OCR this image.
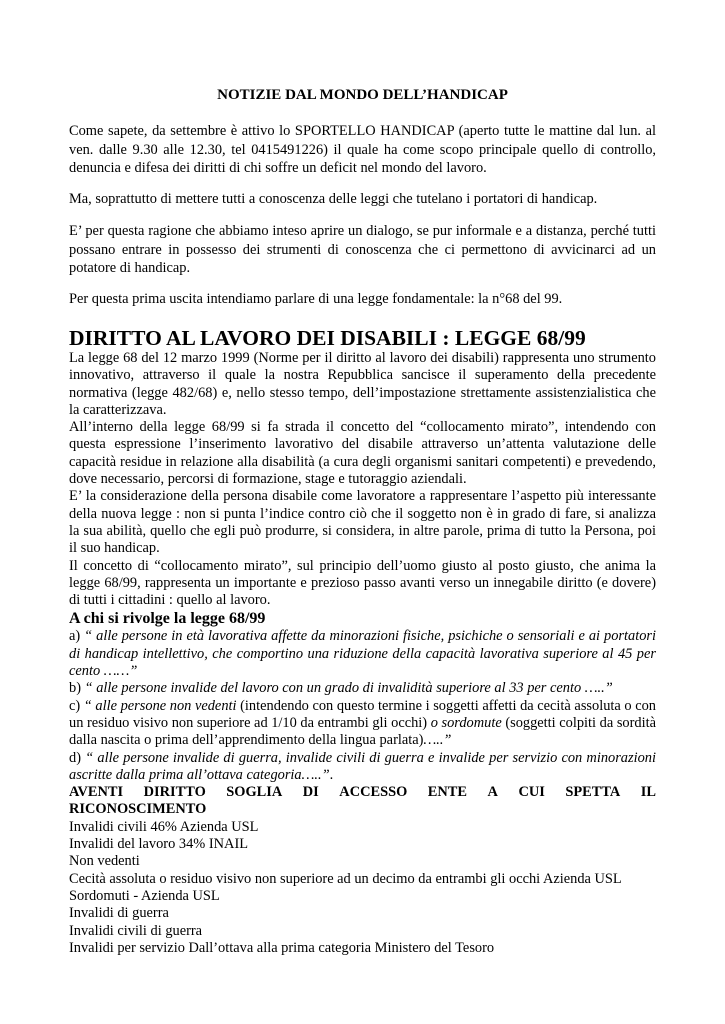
NOTIZIE DAL MONDO DELL’HANDICAP

Come sapete, da settembre è attivo lo SPORTELLO HANDICAP (aperto tutte le mattine dal lun. al ven. dalle 9.30 alle 12.30, tel 0415491226) il quale ha come scopo principale quello di controllo, denuncia e difesa dei diritti di chi soffre un deficit nel mondo del lavoro.

Ma, soprattutto di mettere tutti a conoscenza delle leggi che tutelano i portatori di handicap.

E’ per questa ragione che abbiamo inteso aprire un dialogo, se pur informale e a distanza, perché tutti possano entrare in possesso dei strumenti di conoscenza che ci permettono di avvicinarci ad un potatore di handicap.

Per questa prima uscita intendiamo parlare di una legge fondamentale: la n°68 del 99.

DIRITTO AL LAVORO DEI DISABILI : LEGGE 68/99

La legge 68 del 12 marzo 1999 (Norme per il diritto al lavoro dei disabili) rappresenta uno strumento innovativo, attraverso il quale la nostra Repubblica sancisce il superamento della precedente normativa (legge 482/68) e, nello stesso tempo, dell’impostazione strettamente assistenzialistica che la caratterizzava.

All’interno della legge 68/99 si fa strada il concetto del “collocamento mirato”, intendendo con questa espressione l’inserimento lavorativo del disabile attraverso un’attenta valutazione delle capacità residue in relazione alla disabilità (a cura degli organismi sanitari competenti) e prevedendo, dove necessario, percorsi di formazione, stage e tutoraggio aziendali.

E’ la considerazione della persona disabile come lavoratore a rappresentare l’aspetto più interessante della nuova legge : non si punta l’indice contro ciò che il soggetto non è in grado di fare, si analizza la sua abilità, quello che egli può produrre, si considera, in altre parole, prima di tutto la Persona, poi il suo handicap.

Il concetto di “collocamento mirato”, sul principio dell’uomo giusto al posto giusto, che anima la legge 68/99, rappresenta un importante e prezioso passo avanti verso un innegabile diritto (e dovere) di tutti i cittadini : quello al lavoro.

A chi si rivolge la legge 68/99

a) “ alle persone in età lavorativa affette da minorazioni fisiche, psichiche o sensoriali e ai portatori di handicap intellettivo, che comportino una riduzione della capacità lavorativa superiore al 45 per cento ……”

b) “ alle persone invalide del lavoro con un grado di invalidità superiore al 33 per cento …..”

c) “ alle persone non vedenti (intendendo con questo termine i soggetti affetti da cecità assoluta o con un residuo visivo non superiore ad 1/10 da entrambi gli occhi) o sordomute (soggetti colpiti da sordità dalla nascita o prima dell’apprendimento della lingua parlata)…..”

d) “ alle persone invalide di guerra, invalide civili di guerra e invalide per servizio con minorazioni ascritte dalla prima all’ottava categoria…..”.

AVENTI DIRITTO SOGLIA DI ACCESSO ENTE A CUI SPETTA IL

RICONOSCIMENTO

Invalidi civili 46% Azienda USL

Invalidi del lavoro 34% INAIL

Non vedenti

Cecità assoluta o residuo visivo non superiore ad un decimo da entrambi gli occhi Azienda USL

Sordomuti - Azienda USL

Invalidi di guerra

Invalidi civili di guerra

Invalidi per servizio Dall’ottava alla prima categoria Ministero del Tesoro
